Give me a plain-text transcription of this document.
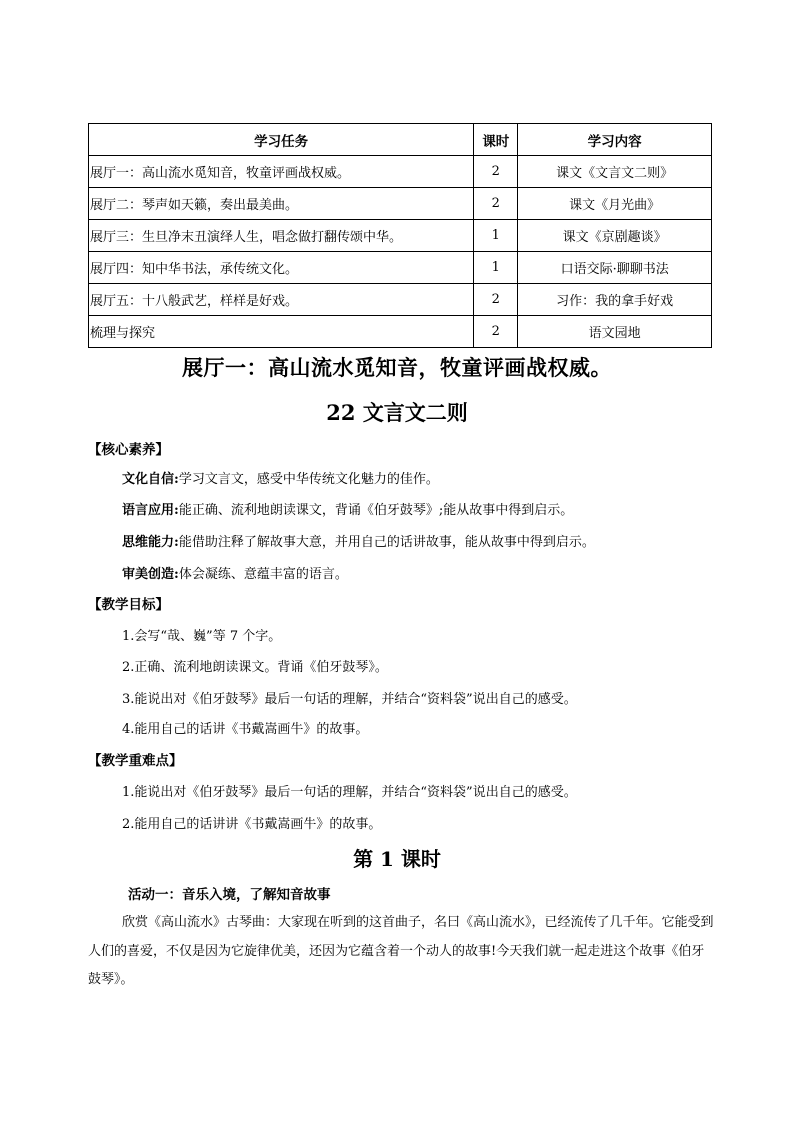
学习任务	课时	学习内容
展厅一：高山流水觅知音，牧童评画战权威。	2	课文《文言文二则》
展厅二：琴声如天籁，奏出最美曲。	2	课文《月光曲》
展厅三：生旦净末丑演绎人生，唱念做打翻传颂中华。	1	课文《京剧趣谈》
展厅四：知中华书法，承传统文化。	1	口语交际·聊聊书法
展厅五：十八般武艺，样样是好戏。	2	习作：我的拿手好戏
梳理与探究	2	语文园地
展厅一：高山流水觅知音，牧童评画战权威。
22 文言文二则
【核心素养】
文化自信:学习文言文，感受中华传统文化魅力的佳作。
语言应用:能正确、流利地朗读课文，背诵《伯牙鼓琴》;能从故事中得到启示。
思维能力:能借助注释了解故事大意，并用自己的话讲故事，能从故事中得到启示。
审美创造:体会凝练、意蕴丰富的语言。
【教学目标】
1.会写“哉、巍”等 7 个字。
2.正确、流利地朗读课文。背诵《伯牙鼓琴》。
3.能说出对《伯牙鼓琴》最后一句话的理解，并结合“资料袋”说出自己的感受。
4.能用自己的话讲《书戴嵩画牛》的故事。
【教学重难点】
1.能说出对《伯牙鼓琴》最后一句话的理解，并结合“资料袋”说出自己的感受。
2.能用自己的话讲讲《书戴嵩画牛》的故事。
第 1 课时
活动一：音乐入境，了解知音故事
欣赏《高山流水》古琴曲：大家现在听到的这首曲子，名曰《高山流水》，已经流传了几千年。它能受到人们的喜爱，不仅是因为它旋律优美，还因为它蕴含着一个动人的故事!今天我们就一起走进这个故事《伯牙鼓琴》。
